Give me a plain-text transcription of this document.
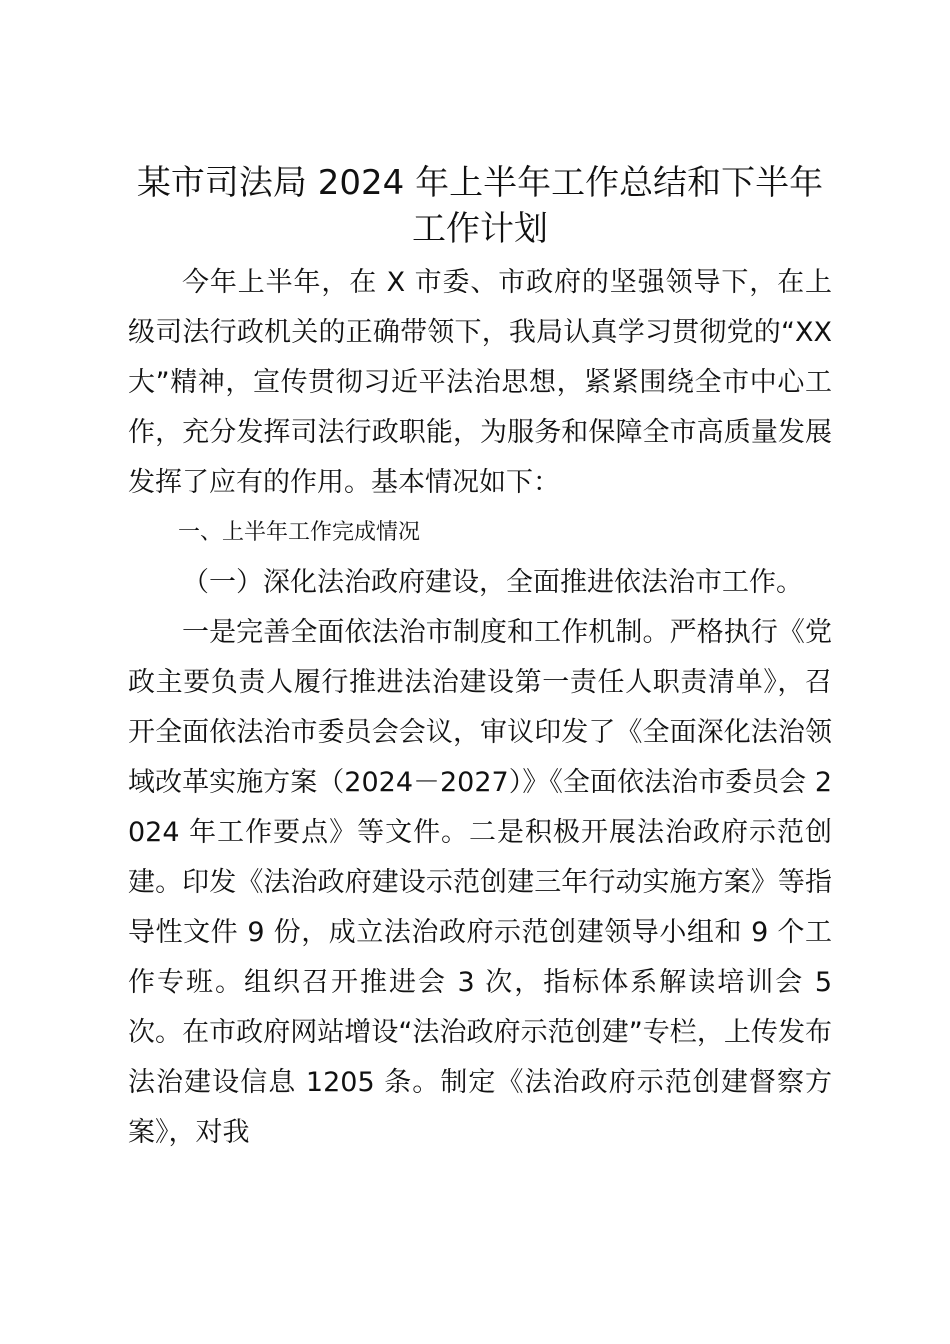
某市司法局 2024 年上半年工作总结和下半年
工作计划

今年上半年，在 X 市委、市政府的坚强领导下，在上级司法行政机关的正确带领下，我局认真学习贯彻党的“XX 大”精神，宣传贯彻习近平法治思想，紧紧围绕全市中心工作，充分发挥司法行政职能，为服务和保障全市高质量发展发挥了应有的作用。基本情况如下：

一、上半年工作完成情况

（一）深化法治政府建设，全面推进依法治市工作。

一是完善全面依法治市制度和工作机制。严格执行《党政主要负责人履行推进法治建设第一责任人职责清单》，召开全面依法治市委员会会议，审议印发了《全面深化法治领域改革实施方案（2024－2027）》《全面依法治市委员会 2024 年工作要点》等文件。二是积极开展法治政府示范创建。印发《法治政府建设示范创建三年行动实施方案》等指导性文件 9 份，成立法治政府示范创建领导小组和 9 个工作专班。组织召开推进会 3 次，指标体系解读培训会 5 次。在市政府网站增设“法治政府示范创建”专栏，上传发布法治建设信息 1205 条。制定《法治政府示范创建督察方案》，对我
